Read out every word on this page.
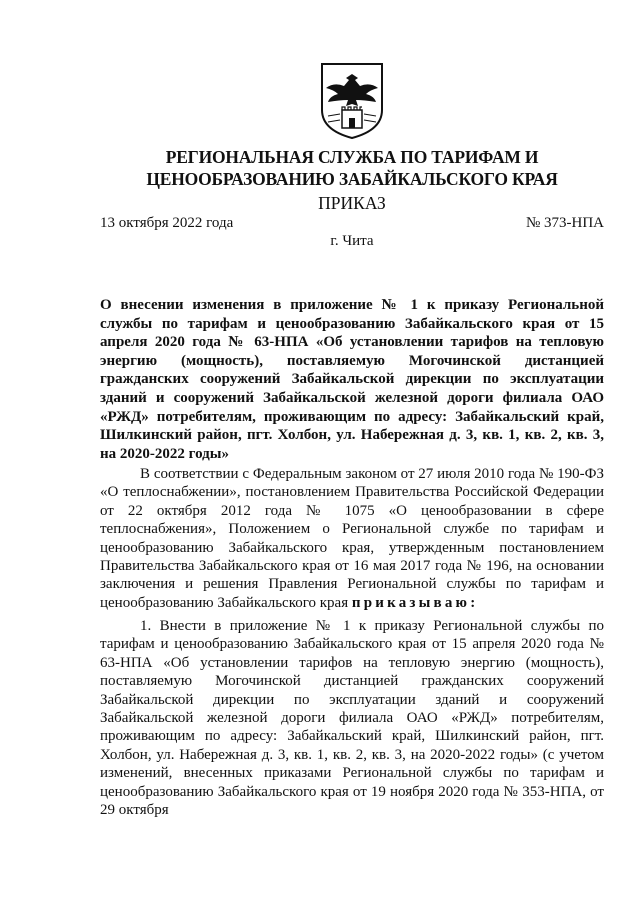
РЕГИОНАЛЬНАЯ СЛУЖБА ПО ТАРИФАМ И
ЦЕНООБРАЗОВАНИЮ ЗАБАЙКАЛЬСКОГО КРАЯ
ПРИКАЗ
13 октября 2022 года	№ 373-НПА
г. Чита
О внесении изменения в приложение № 1 к приказу Региональной службы по тарифам и ценообразованию Забайкальского края от 15 апреля 2020 года № 63-НПА «Об установлении тарифов на тепловую энергию (мощность), поставляемую Могочинской дистанцией гражданских сооружений Забайкальской дирекции по эксплуатации зданий и сооружений Забайкальской железной дороги филиала ОАО «РЖД» потребителям, проживающим по адресу: Забайкальский край, Шилкинский район, пгт. Холбон, ул. Набережная д. 3, кв. 1, кв. 2, кв. 3, на 2020-2022 годы»

В соответствии с Федеральным законом от 27 июля 2010 года № 190-ФЗ «О теплоснабжении», постановлением Правительства Российской Федерации от 22 октября 2012 года № 1075 «О ценообразовании в сфере теплоснабжения», Положением о Региональной службе по тарифам и ценообразованию Забайкальского края, утвержденным постановлением Правительства Забайкальского края от 16 мая 2017 года № 196, на основании заключения и решения Правления Региональной службы по тарифам и ценообразованию Забайкальского края приказываю:

1. Внести в приложение № 1 к приказу Региональной службы по тарифам и ценообразованию Забайкальского края от 15 апреля 2020 года № 63-НПА «Об установлении тарифов на тепловую энергию (мощность), поставляемую Могочинской дистанцией гражданских сооружений Забайкальской дирекции по эксплуатации зданий и сооружений Забайкальской железной дороги филиала ОАО «РЖД» потребителям, проживающим по адресу: Забайкальский край, Шилкинский район, пгт. Холбон, ул. Набережная д. 3, кв. 1, кв. 2, кв. 3, на 2020-2022 годы» (с учетом изменений, внесенных приказами Региональной службы по тарифам и ценообразованию Забайкальского края от 19 ноября 2020 года № 353-НПА, от 29 октября
